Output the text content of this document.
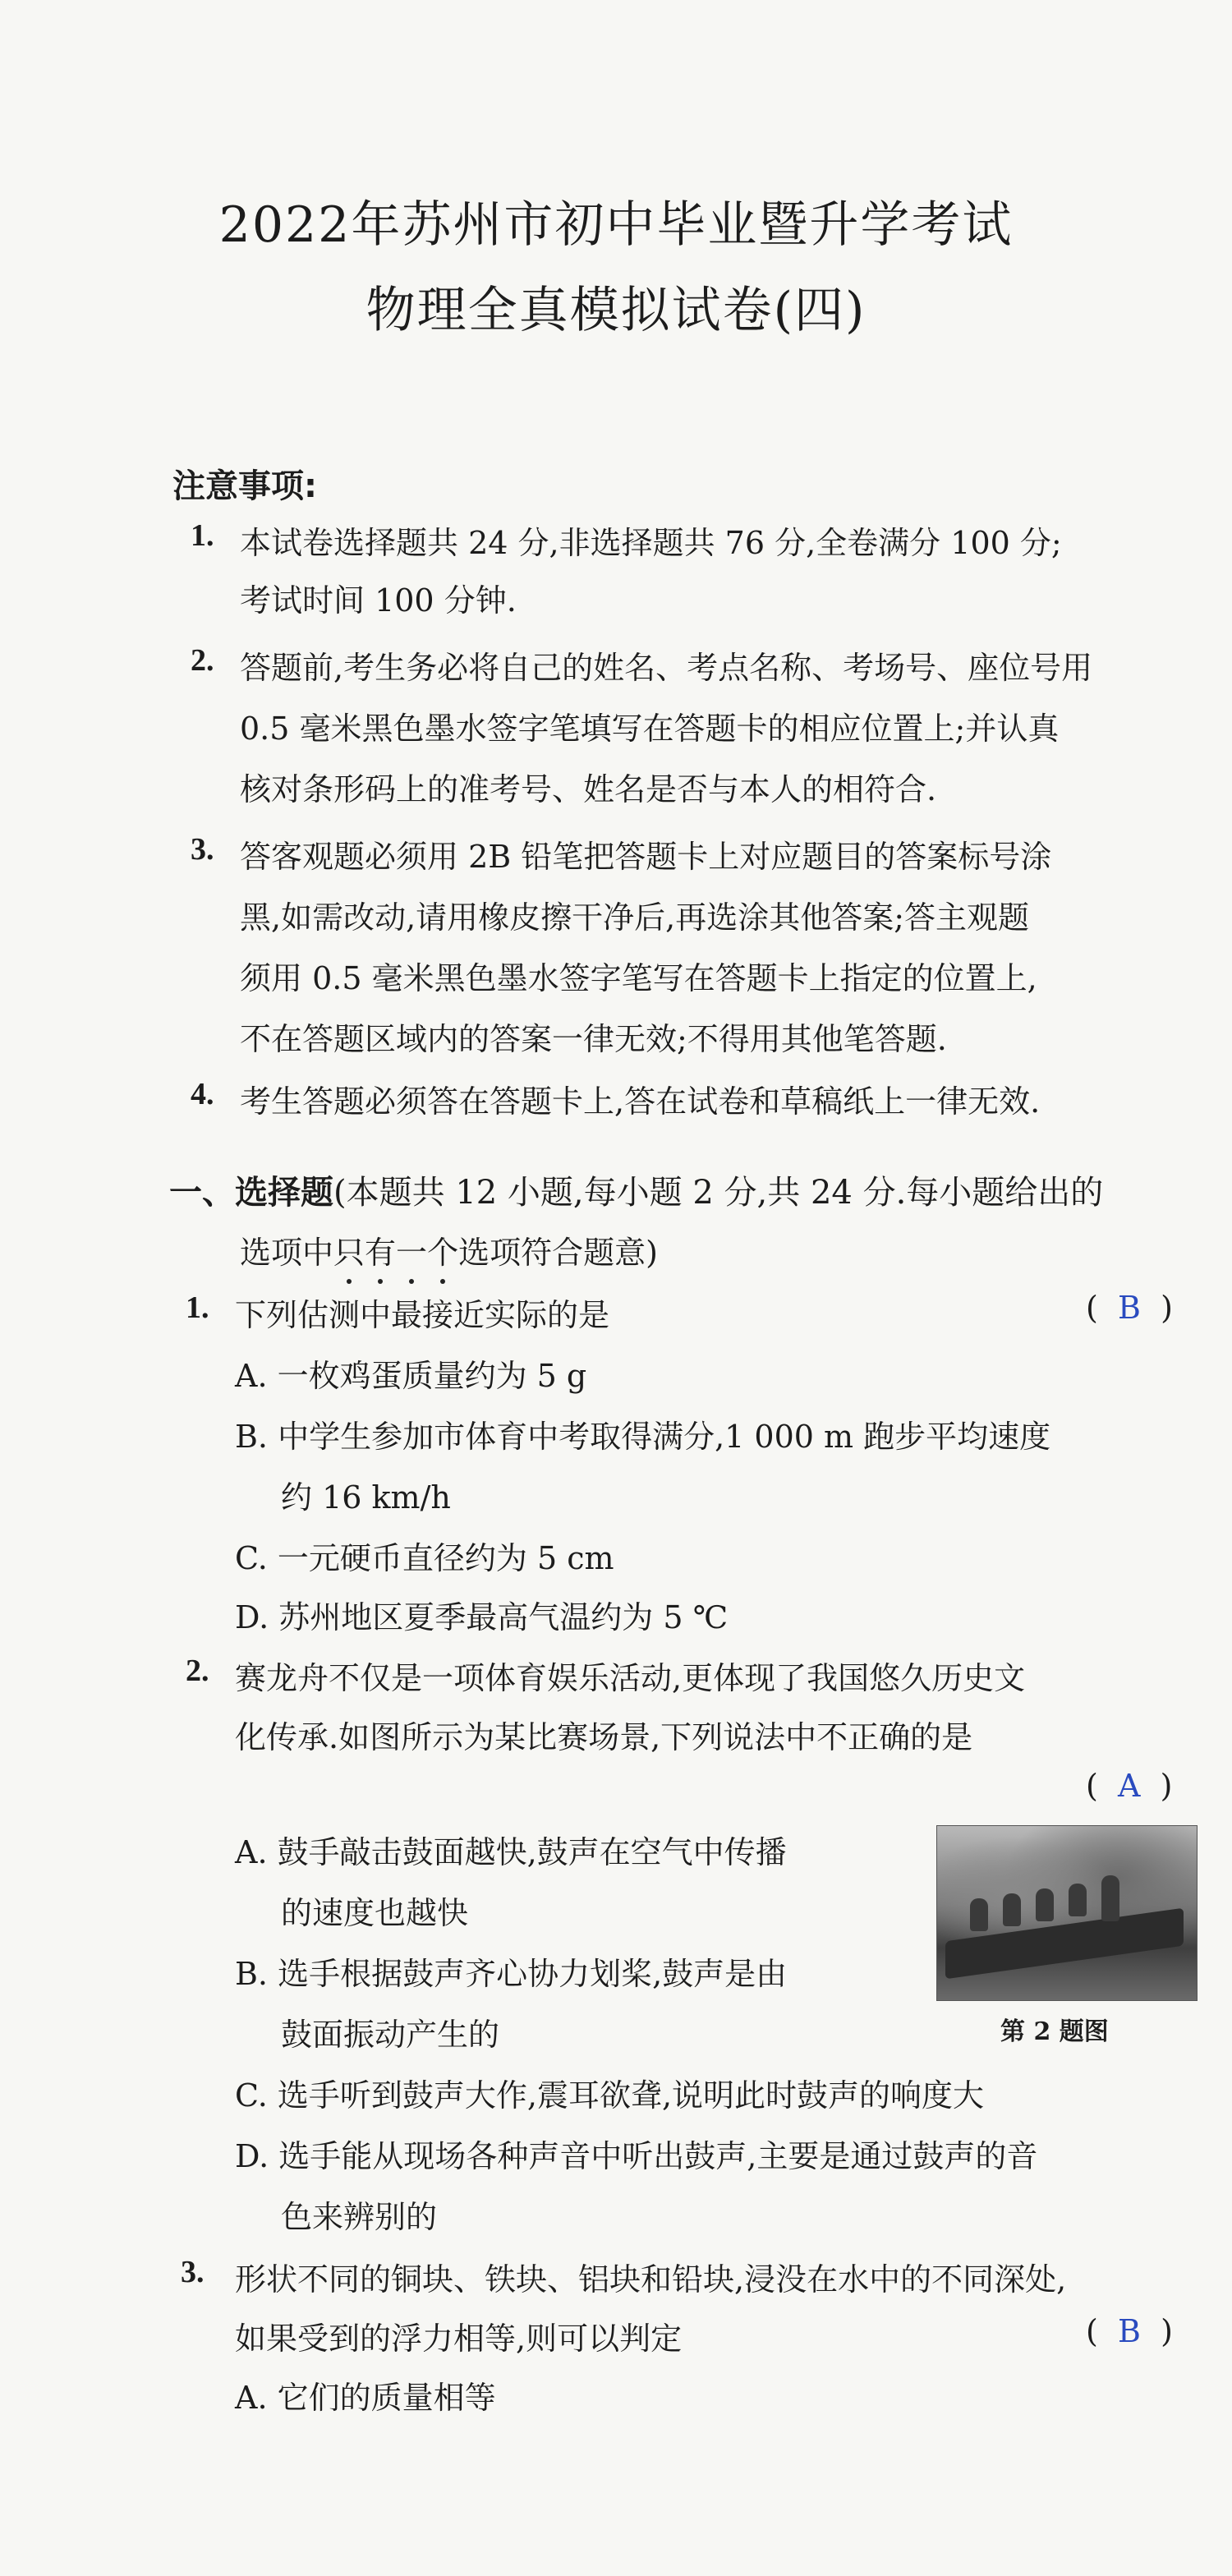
2022年苏州市初中毕业暨升学考试
物理全真模拟试卷(四)
注意事项:
1. 本试卷选择题共 24 分,非选择题共 76 分,全卷满分 100 分;
考试时间 100 分钟.
2. 答题前,考生务必将自己的姓名、考点名称、考场号、座位号用
0.5 毫米黑色墨水签字笔填写在答题卡的相应位置上;并认真
核对条形码上的准考号、姓名是否与本人的相符合.
3. 答客观题必须用 2B 铅笔把答题卡上对应题目的答案标号涂
黑,如需改动,请用橡皮擦干净后,再选涂其他答案;答主观题
须用 0.5 毫米黑色墨水签字笔写在答题卡上指定的位置上,
不在答题区域内的答案一律无效;不得用其他笔答题.
4. 考生答题必须答在答题卡上,答在试卷和草稿纸上一律无效.
一、选择题(本题共 12 小题,每小题 2 分,共 24 分.每小题给出的
选项中只
有
一
个
选项符合题意)
1. 下列估测中最接近实际的是	( B )
A. 一枚鸡蛋质量约为 5 g
B. 中学生参加市体育中考取得满分,1 000 m 跑步平均速度
约 16 km/h
C. 一元硬币直径约为 5 cm
D. 苏州地区夏季最高气温约为 5 ℃
2. 赛龙舟不仅是一项体育娱乐活动,更体现了我国悠久历史文
化传承.如图所示为某比赛场景,下列说法中不正确的是
( A )
A. 鼓手敲击鼓面越快,鼓声在空气中传播
的速度也越快
B. 选手根据鼓声齐心协力划桨,鼓声是由
鼓面振动产生的	第 2 题图
C. 选手听到鼓声大作,震耳欲聋,说明此时鼓声的响度大
D. 选手能从现场各种声音中听出鼓声,主要是通过鼓声的音
色来辨别的
3. 形状不同的铜块、铁块、铝块和铅块,浸没在水中的不同深处,
如果受到的浮力相等,则可以判定	( B )
A. 它们的质量相等
